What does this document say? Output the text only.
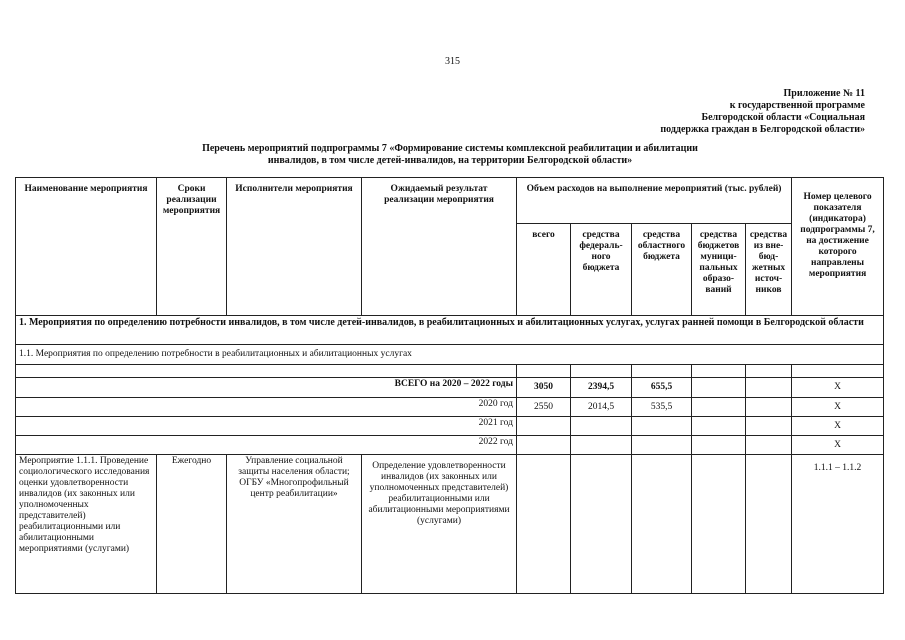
315
Приложение № 11
к государственной программе
Белгородской области «Социальная
поддержка граждан в Белгородской области»
Перечень мероприятий подпрограммы 7 «Формирование системы комплексной реабилитации и абилитации
инвалидов, в том числе детей-инвалидов, на территории Белгородской области»
Наименование мероприятия	Сроки реализации мероприятия	Исполнители мероприятия	Ожидаемый результат реализации мероприятия	Объем расходов на выполнение мероприятий (тыс. рублей)					Номер целевого показателя (индикатора) подпрограммы 7, на достижение которого направлены мероприятия
				всего	средства федераль-ного бюджета	средства областного бюджета	средства бюджетов муници-пальных образо-ваний	средства из вне-бюд-жетных источ-ников	
1. Мероприятия по определению потребности инвалидов, в том числе детей-инвалидов, в реабилитационных и абилитационных услугах, услугах ранней помощи в Белгородской области									
1.1. Мероприятия по определению потребности в реабилитационных и абилитационных услугах									

ВСЕГО на 2020 – 2022 годы				3050	2394,5	655,5			Х
2020 год				2550	2014,5	535,5			Х
2021 год									Х
2022 год									Х
Мероприятие 1.1.1. Проведение социологического исследования оценки удовлетворенности инвалидов (их законных или уполномоченных представителей) реабилитационными или абилитационными мероприятиями (услугами)	Ежегодно	Управление социальной защиты населения области; ОГБУ «Многопрофильный центр реабилитации»	Определение удовлетворенности инвалидов (их законных или уполномоченных представителей) реабилитационными или абилитационными мероприятиями (услугами)						1.1.1 – 1.1.2
